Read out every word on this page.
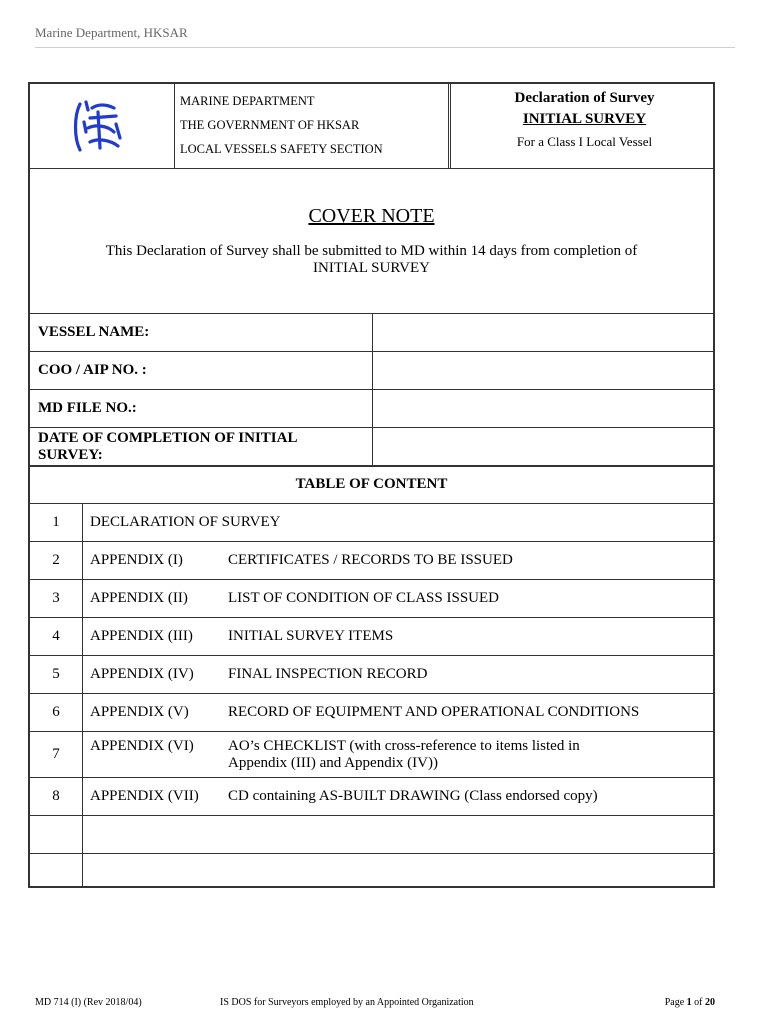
Marine Department, HKSAR
MARINE DEPARTMENT
THE GOVERNMENT OF HKSAR
LOCAL VESSELS SAFETY SECTION
Declaration of Survey
INITIAL SURVEY
For a Class I Local Vessel
COVER NOTE
This Declaration of Survey shall be submitted to MD within 14 days from completion of
INITIAL SURVEY
VESSEL NAME:
COO / AIP NO. :
MD FILE NO.:
DATE OF COMPLETION OF INITIAL
SURVEY:
TABLE OF CONTENT
1	DECLARATION OF SURVEY
2	APPENDIX (I)	CERTIFICATES / RECORDS TO BE ISSUED
3	APPENDIX (II)	LIST OF CONDITION OF CLASS ISSUED
4	APPENDIX (III) INITIAL SURVEY ITEMS
5	APPENDIX (IV) FINAL INSPECTION RECORD
6	APPENDIX (V)	RECORD OF EQUIPMENT AND OPERATIONAL CONDITIONS
7	APPENDIX (VI) AO’s CHECKLIST (with cross-reference to items listed in
Appendix (III) and Appendix (IV))
8	APPENDIX (VII) CD containing AS-BUILT DRAWING (Class endorsed copy)
MD 714 (I) (Rev 2018/04)	IS DOS for Surveyors employed by an Appointed Organization	Page 1 of 20
